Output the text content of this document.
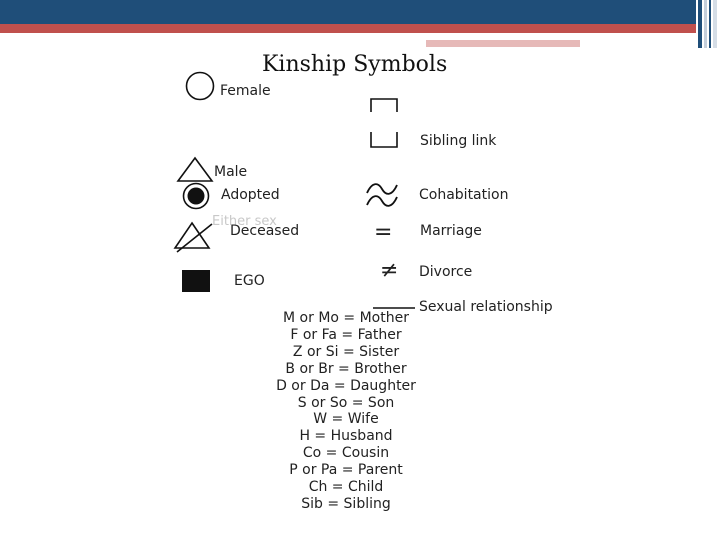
Kinship Symbols
Female
Male
Adopted
Either sex
Deceased
EGO
Sibling link
Cohabitation
= Marriage
≠ Divorce
Sexual relationship
M or Mo = Mother
F or Fa = Father
Z or Si = Sister
B or Br = Brother
D or Da = Daughter
S or So = Son
W = Wife
H = Husband
Co = Cousin
P or Pa = Parent
Ch = Child
Sib = Sibling
